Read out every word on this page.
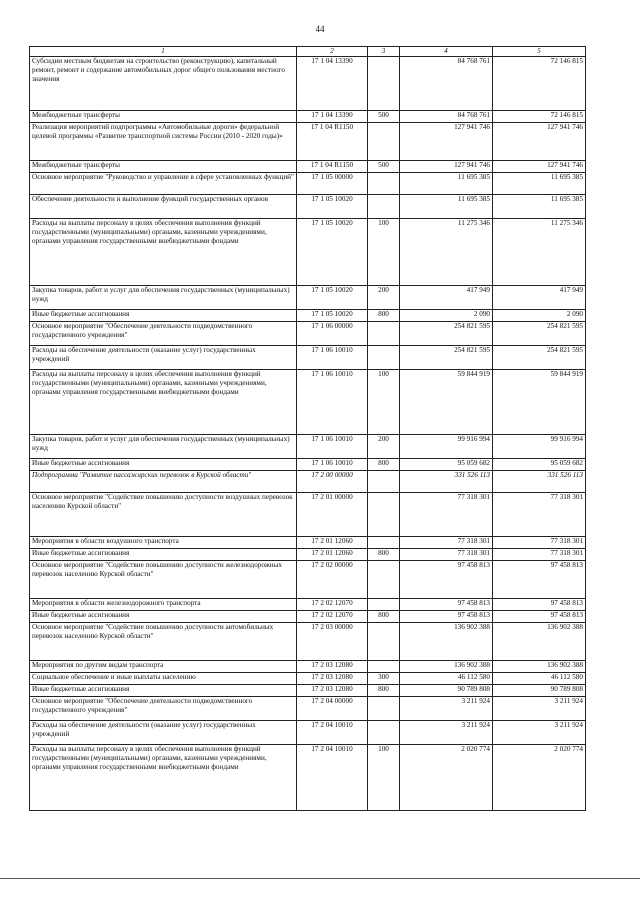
44
1	2	3	4	5
Субсидии местным бюджетам на строительство (реконструкцию), капитальный ремонт, ремонт и содержание автомобильных дорог общего пользования местного значения	17 1 04 13390		84 768 761	72 146 815
Межбюджетные трансферты	17 1 04 13390	500	84 768 761	72 146 815
Реализация мероприятий подпрограммы «Автомобильные дороги» федеральной целевой программы «Развитие транспортной системы России (2010 - 2020 годы)»	17 1 04 R1150		127 941 746	127 941 746
Межбюджетные трансферты	17 1 04 R1150	500	127 941 746	127 941 746
Основное мероприятие "Руководство и управление в сфере установленных функций"	17 1 05 00000		11 695 385	11 695 385
Обеспечение деятельности и выполнение функций государственных органов	17 1 05 10020		11 695 385	11 695 385
Расходы на выплаты персоналу в целях обеспечения выполнения функций государственными (муниципальными) органами, казенными учреждениями, органами управления государственными внебюджетными фондами	17 1 05 10020	100	11 275 346	11 275 346
Закупка товаров, работ и услуг для обеспечения государственных (муниципальных) нужд	17 1 05 10020	200	417 949	417 949
Иные бюджетные ассигнования	17 1 05 10020	800	2 090	2 090
Основное мероприятие "Обеспечение деятельности подведомственного государственного учреждения"	17 1 06 00000		254 821 595	254 821 595
Расходы на обеспечение деятельности (оказание услуг) государственных учреждений	17 1 06 10010		254 821 595	254 821 595
Расходы на выплаты персоналу в целях обеспечения выполнения функций государственными (муниципальными) органами, казенными учреждениями, органами управления государственными внебюджетными фондами	17 1 06 10010	100	59 844 919	59 844 919
Закупка товаров, работ и услуг для обеспечения государственных (муниципальных) нужд	17 1 06 10010	200	99 916 994	99 916 994
Иные бюджетные ассигнования	17 1 06 10010	800	95 059 682	95 059 682
Подпрограмма "Развитие пассажирских перевозок в Курской области"	17 2 00 00000		331 526 113	331 526 113
Основное мероприятие "Содействие повышению доступности воздушных перевозок населению Курской области"	17 2 01 00000		77 318 301	77 318 301
Мероприятия в области воздушного транспорта	17 2 01 12060		77 318 301	77 318 301
Иные бюджетные ассигнования	17 2 01 12060	800	77 318 301	77 318 301
Основное мероприятие "Содействие повышению доступности железнодорожных перевозок населению Курской области"	17 2 02 00000		97 458 813	97 458 813
Мероприятия в области железнодорожного транспорта	17 2 02 12070		97 458 813	97 458 813
Иные бюджетные ассигнования	17 2 02 12070	800	97 458 813	97 458 813
Основное мероприятие "Содействие повышению доступности автомобильных перевозок населению Курской области"	17 2 03 00000		136 902 388	136 902 388
Мероприятия по другим видам транспорта	17 2 03 12080		136 902 388	136 902 388
Социальное обеспечение и иные выплаты населению	17 2 03 12080	300	46 112 580	46 112 580
Иные бюджетные ассигнования	17 2 03 12080	800	90 789 808	90 789 808
Основное мероприятие "Обеспечение деятельности подведомственного государственного учреждения"	17 2 04 00000		3 211 924	3 211 924
Расходы на обеспечение деятельности (оказание услуг) государственных учреждений	17 2 04 10010		3 211 924	3 211 924
Расходы на выплаты персоналу в целях обеспечения выполнения функций государственными (муниципальными) органами, казенными учреждениями, органами управления государственными внебюджетными фондами	17 2 04 10010	100	2 020 774	2 020 774
